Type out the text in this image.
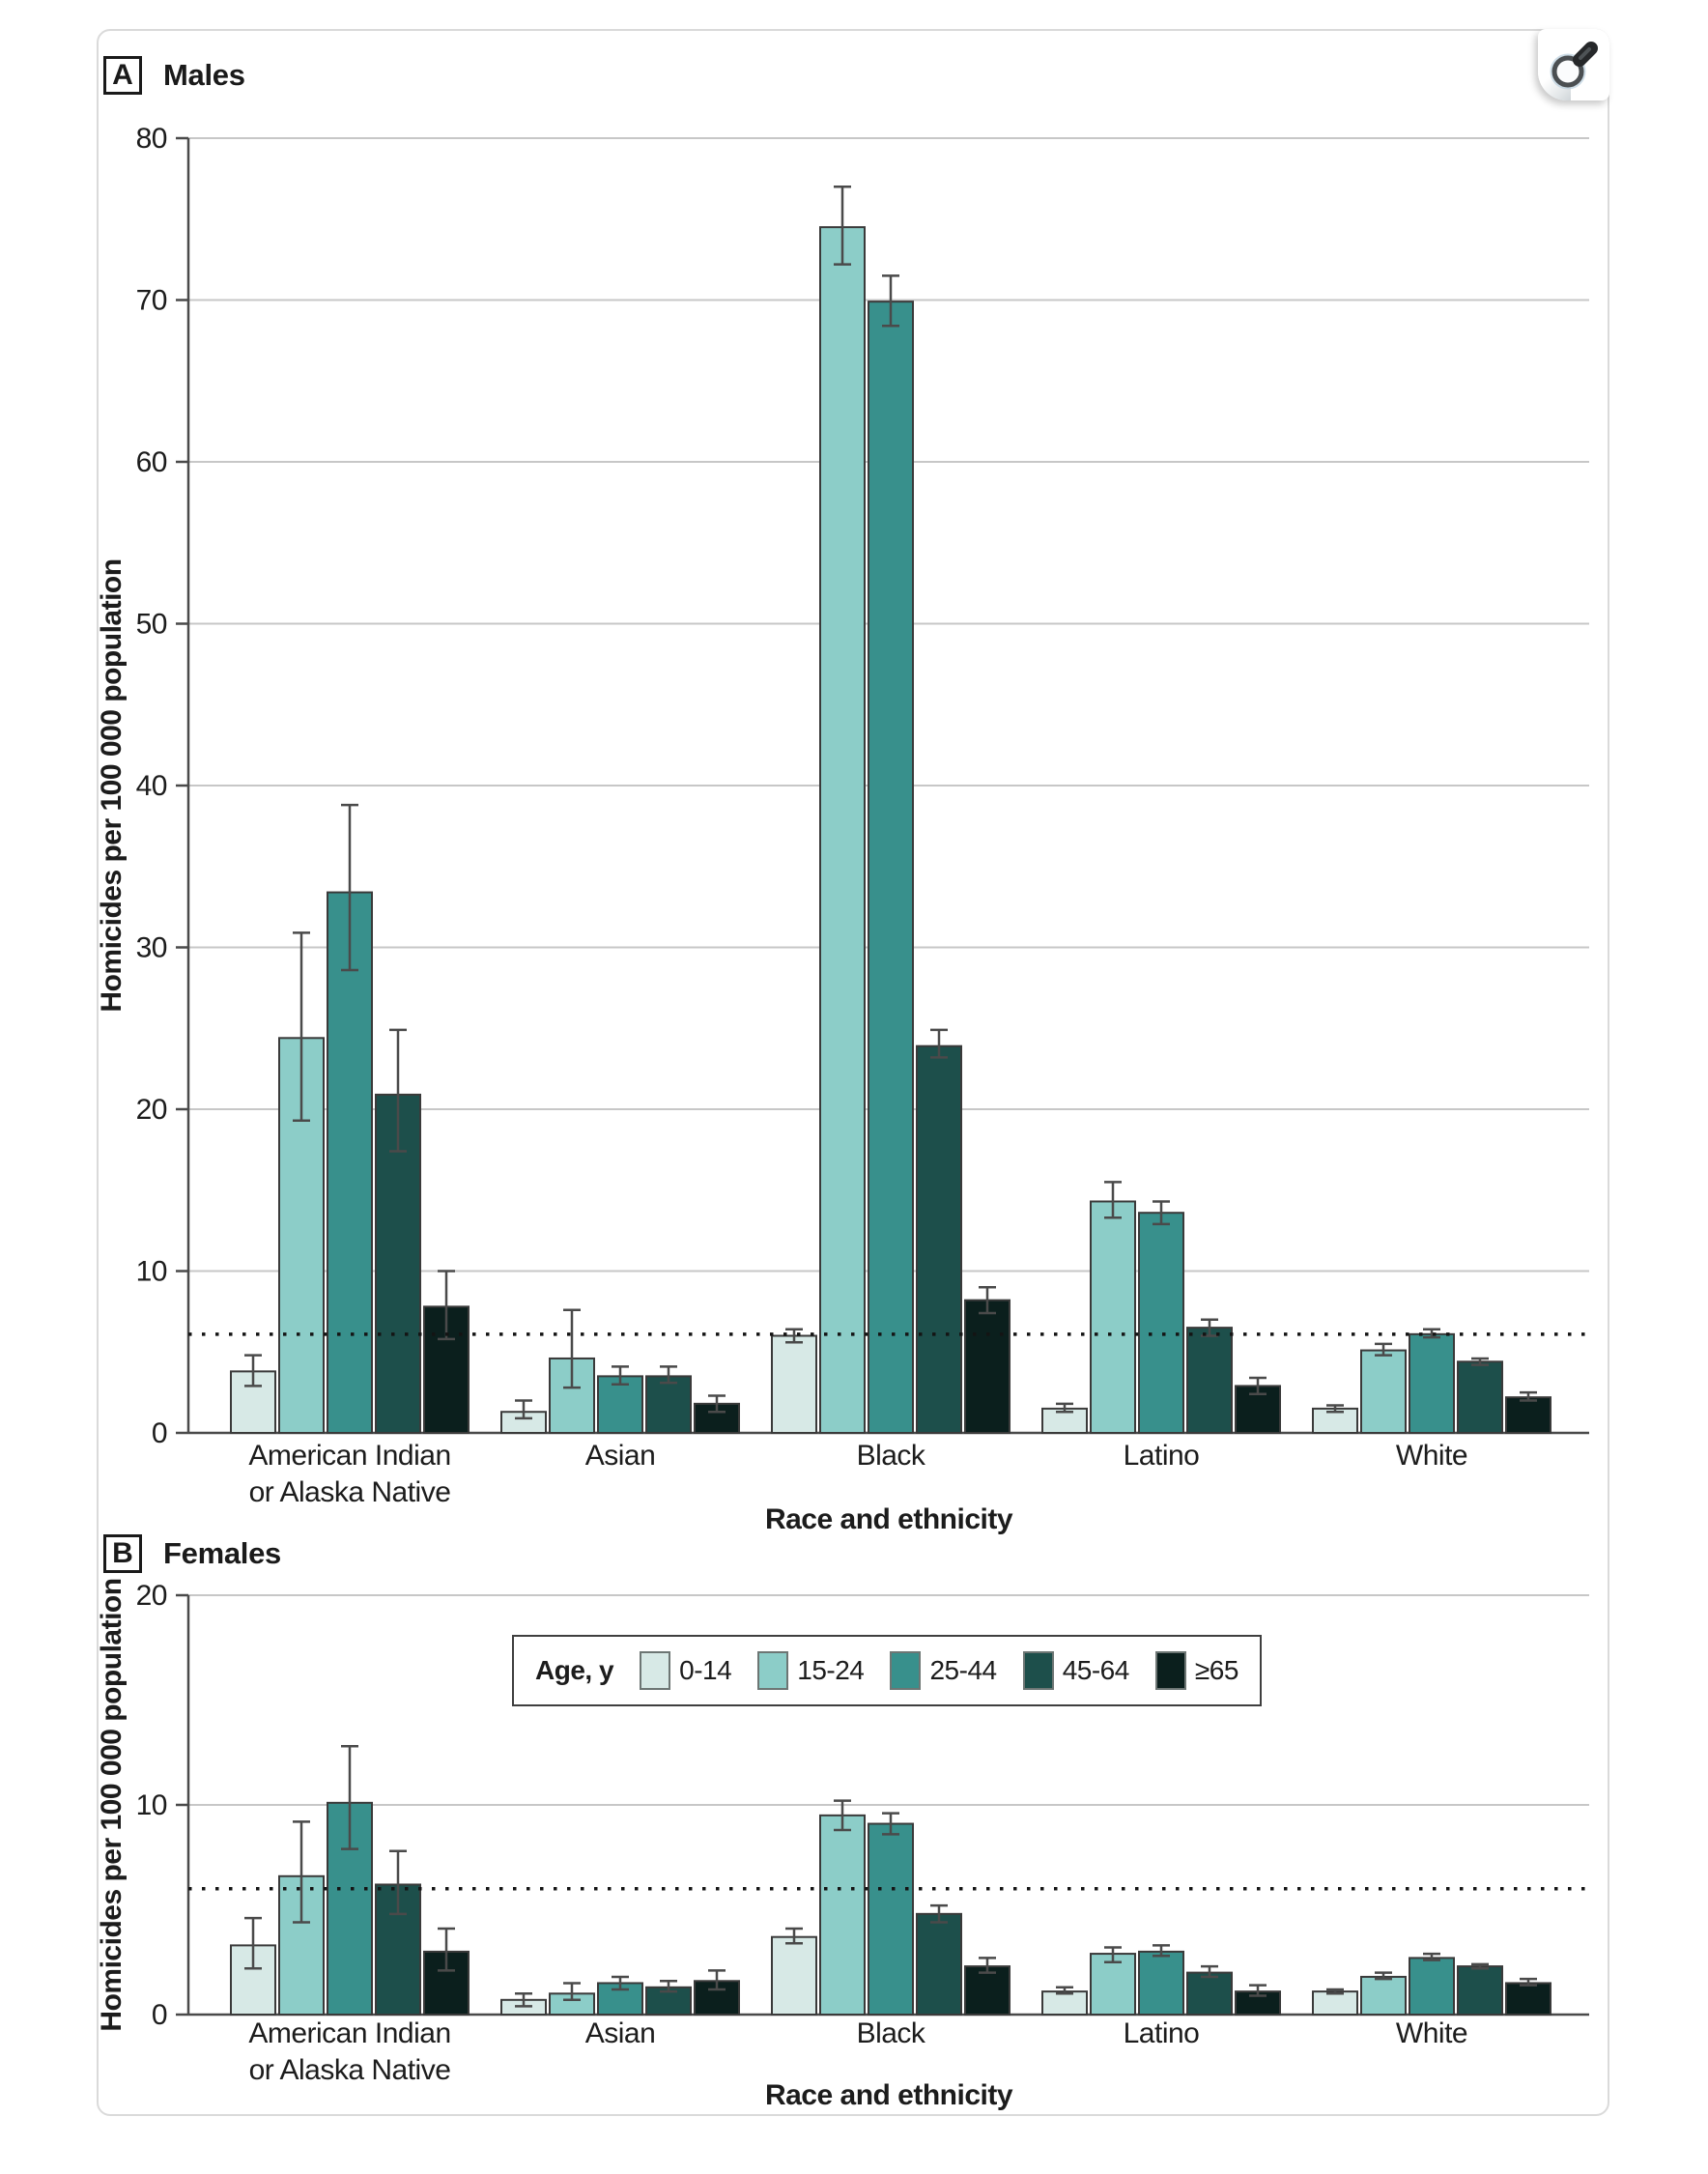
0
10
20
30
40
50
60
70
80
Homicides per 100 000 population
American Indian
or Alaska Native
Asian	Black	Latino	White
Race and ethnicity
0
10
20
Homicides per 100 000 population
American Indian
or Alaska Native
Asian	Black	Latino	White
Race and ethnicity
A Males
B Females
Age, y 0-14 15-24 25-44 45-64 ≥65
